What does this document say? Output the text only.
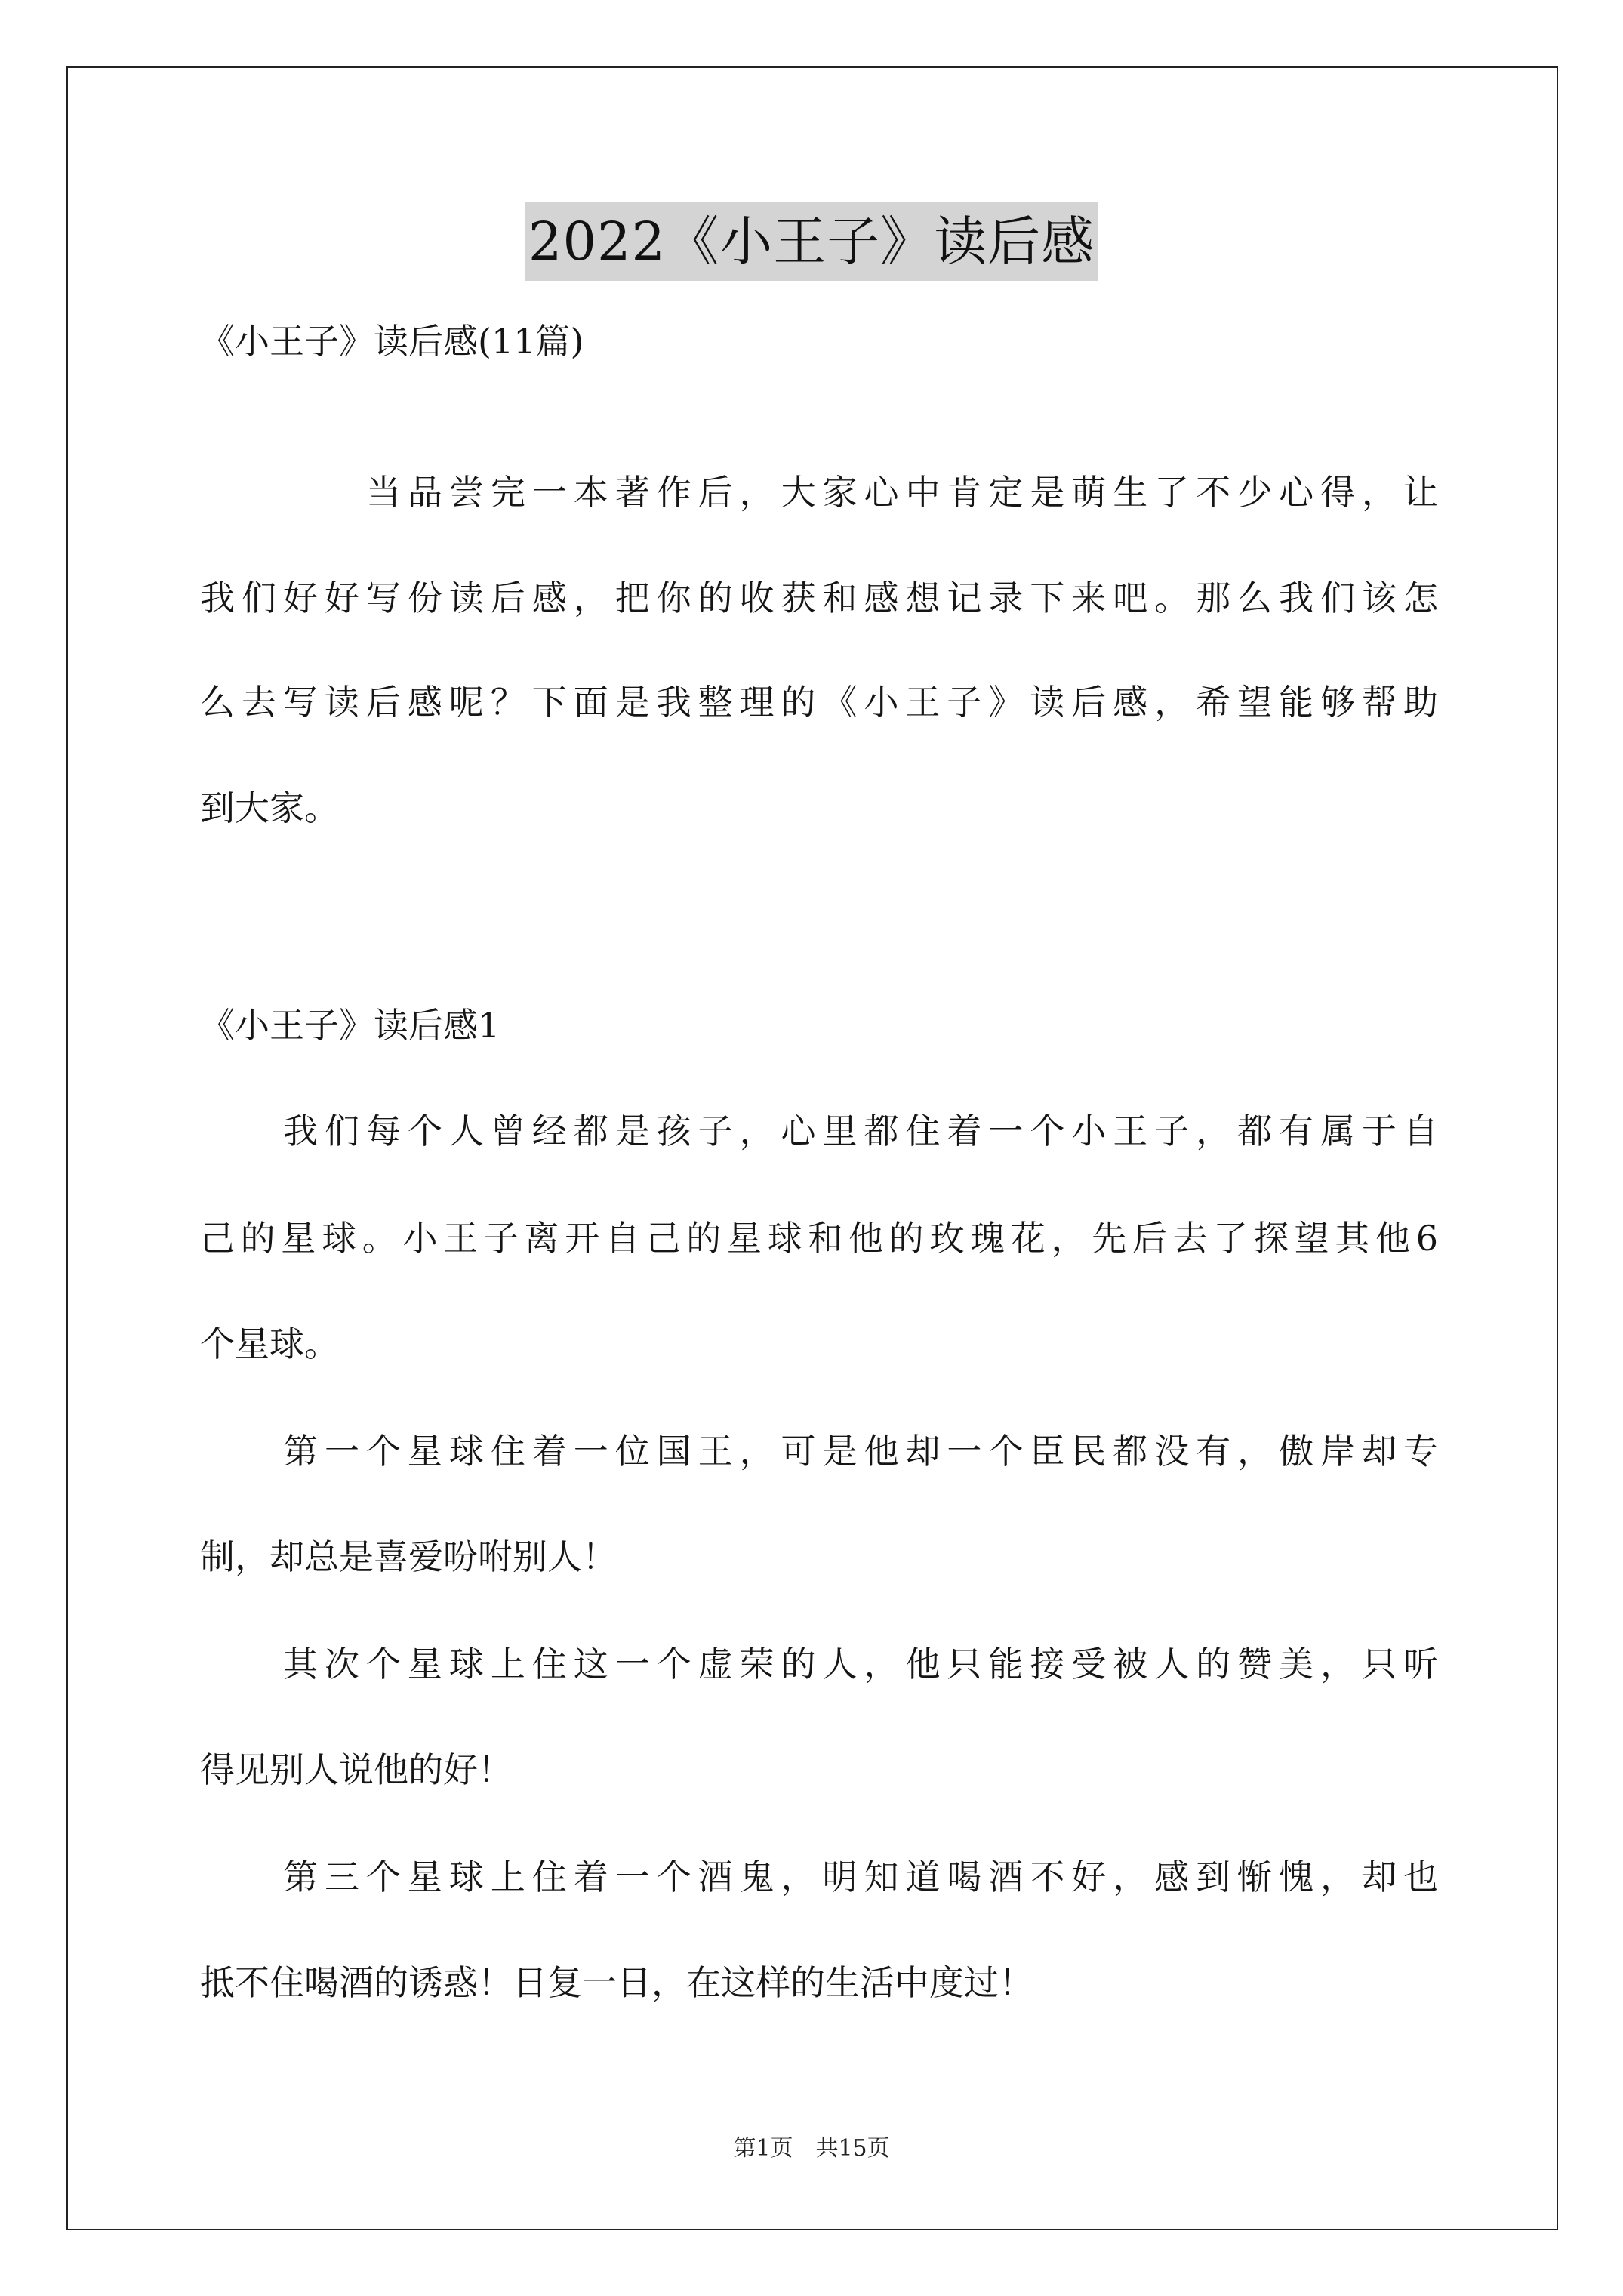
2022《小王子》读后感
《小王子》读后感(11篇)
当品尝完一本著作后，大家心中肯定是萌生了不少心得，让
我们好好写份读后感，把你的收获和感想记录下来吧。那么我们该怎
么去写读后感呢？下面是我整理的《小王子》读后感，希望能够帮助
到大家。
《小王子》读后感1
我们每个人曾经都是孩子，心里都住着一个小王子，都有属于自
己的星球。小王子离开自己的星球和他的玫瑰花，先后去了探望其他6
个星球。
第一个星球住着一位国王，可是他却一个臣民都没有，傲岸却专
制，却总是喜爱吩咐别人！
其次个星球上住这一个虚荣的人，他只能接受被人的赞美，只听
得见别人说他的好！
第三个星球上住着一个酒鬼，明知道喝酒不好，感到惭愧，却也
抵不住喝酒的诱惑！日复一日，在这样的生活中度过！
第1页 共15页
